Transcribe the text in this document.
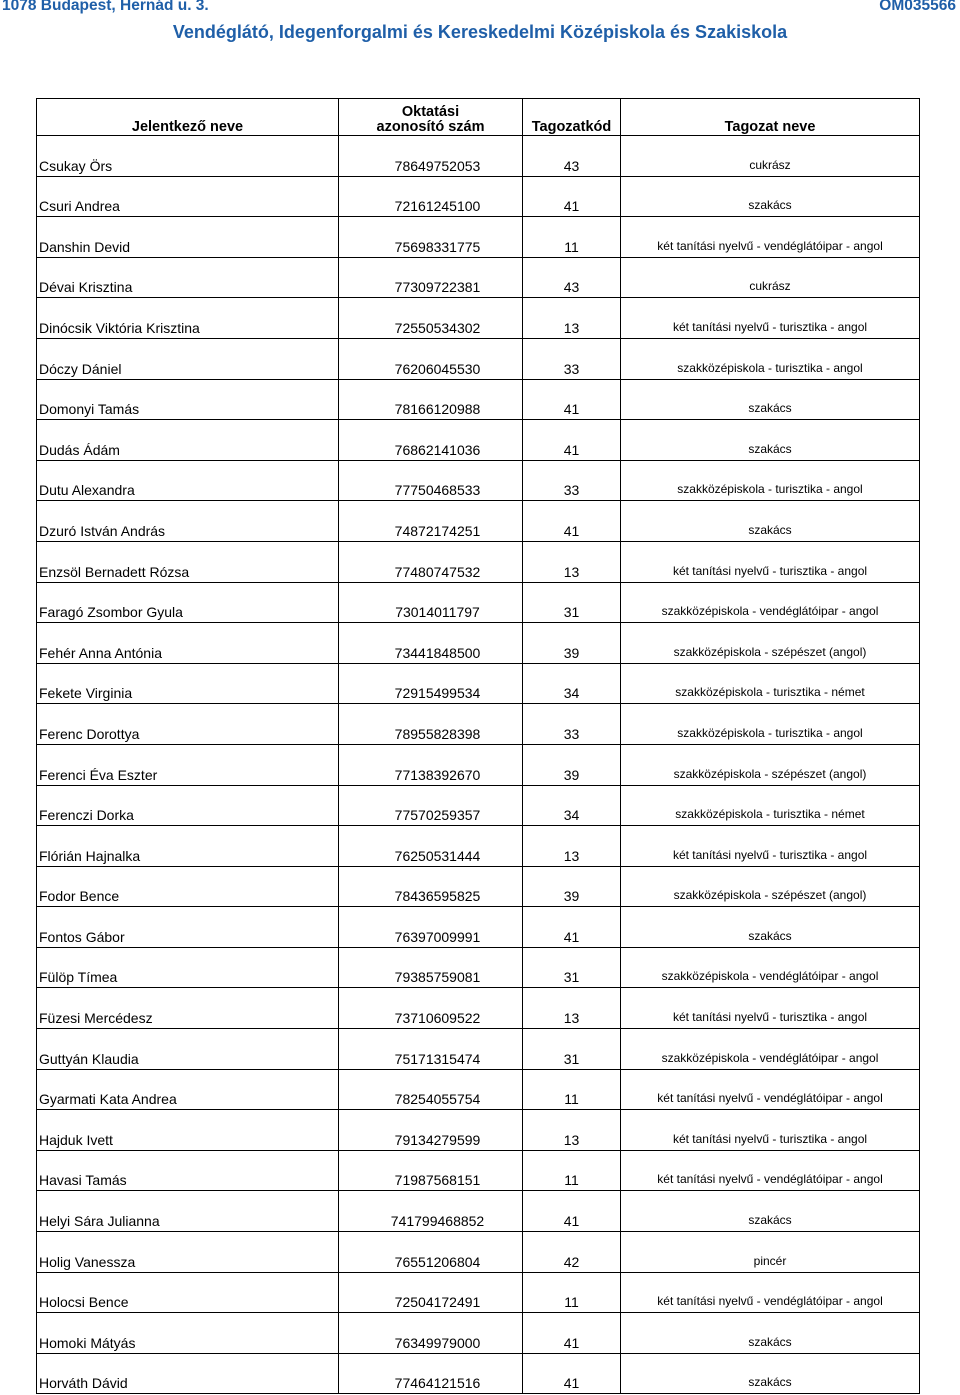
1078 Budapest, Hernád u. 3.	OM035566
Vendéglátó, Idegenforgalmi és Kereskedelmi Középiskola és Szakiskola
Jelentkező neve	Oktatási azonosító szám	Tagozatkód	Tagozat neve
Csukay Örs	78649752053	43	cukrász
Csuri Andrea	72161245100	41	szakács
Danshin Devid	75698331775	11	két tanítási nyelvű - vendéglátóipar - angol
Dévai Krisztina	77309722381	43	cukrász
Dinócsik Viktória Krisztina	72550534302	13	két tanítási nyelvű - turisztika - angol
Dóczy Dániel	76206045530	33	szakközépiskola - turisztika - angol
Domonyi Tamás	78166120988	41	szakács
Dudás Ádám	76862141036	41	szakács
Dutu Alexandra	77750468533	33	szakközépiskola - turisztika - angol
Dzuró István András	74872174251	41	szakács
Enzsöl Bernadett Rózsa	77480747532	13	két tanítási nyelvű - turisztika - angol
Faragó Zsombor Gyula	73014011797	31	szakközépiskola - vendéglátóipar - angol
Fehér Anna Antónia	73441848500	39	szakközépiskola - szépészet (angol)
Fekete Virginia	72915499534	34	szakközépiskola - turisztika - német
Ferenc Dorottya	78955828398	33	szakközépiskola - turisztika - angol
Ferenci Éva Eszter	77138392670	39	szakközépiskola - szépészet (angol)
Ferenczi Dorka	77570259357	34	szakközépiskola - turisztika - német
Flórián Hajnalka	76250531444	13	két tanítási nyelvű - turisztika - angol
Fodor Bence	78436595825	39	szakközépiskola - szépészet (angol)
Fontos Gábor	76397009991	41	szakács
Fülöp Tímea	79385759081	31	szakközépiskola - vendéglátóipar - angol
Füzesi Mercédesz	73710609522	13	két tanítási nyelvű - turisztika - angol
Guttyán Klaudia	75171315474	31	szakközépiskola - vendéglátóipar - angol
Gyarmati Kata Andrea	78254055754	11	két tanítási nyelvű - vendéglátóipar - angol
Hajduk Ivett	79134279599	13	két tanítási nyelvű - turisztika - angol
Havasi Tamás	71987568151	11	két tanítási nyelvű - vendéglátóipar - angol
Helyi Sára Julianna	741799468852	41	szakács
Holig Vanessza	76551206804	42	pincér
Holocsi Bence	72504172491	11	két tanítási nyelvű - vendéglátóipar - angol
Homoki Mátyás	76349979000	41	szakács
Horváth Dávid	77464121516	41	szakács
